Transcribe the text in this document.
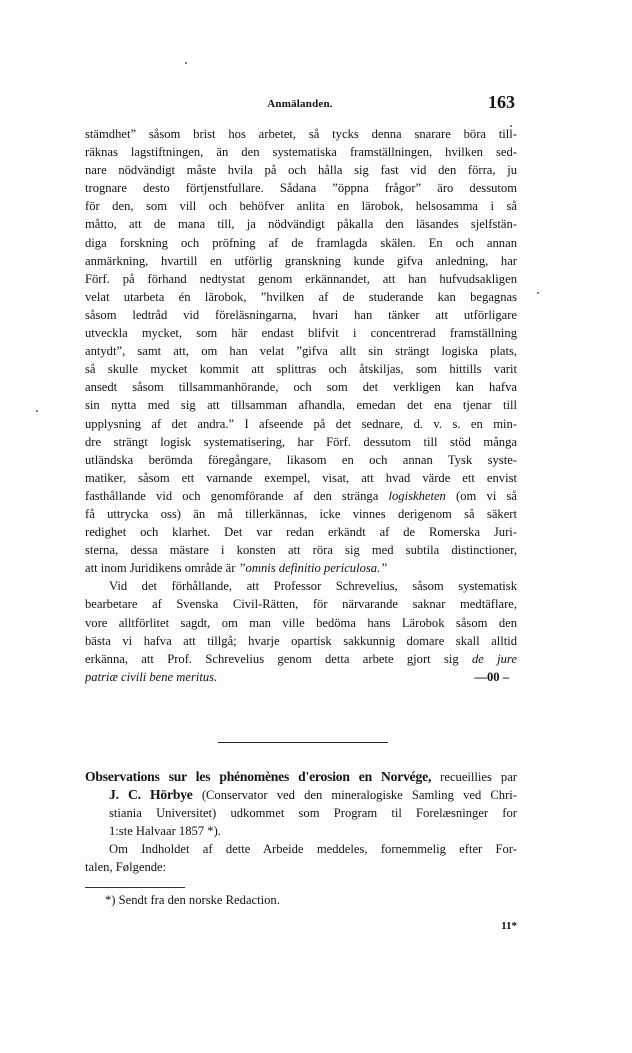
Anmälanden.	163
stämdhet” såsom brist hos arbetet, så tycks denna snarare böra till-
räknas lagstiftningen, än den systematiska framställningen, hvilken sed-
nare nödvändigt måste hvila på och hålla sig fast vid den förra, ju
trognare desto förtjenstfullare. Sådana ”öppna frågor” äro dessutom
för den, som vill och behöfver anlita en lärobok, helsosamma i så
måtto, att de mana till, ja nödvändigt påkalla den läsandes sjelfstän-
diga forskning och pröfning af de framlagda skälen. En och annan
anmärkning, hvartill en utförlig granskning kunde gifva anledning, har
Förf. på förhand nedtystat genom erkännandet, att han hufvudsakligen
velat utarbeta én lärobok, ”hvilken af de studerande kan begagnas
såsom ledtråd vid föreläsningarna, hvari han tänker att utförligare
utveckla mycket, som här endast blifvit i concentrerad framställning
antydt”, samt att, om han velat ”gifva allt sin strängt logiska plats,
så skulle mycket kommit att splittras och åtskiljas, som hittills varit
ansedt såsom tillsammanhörande, och som det verkligen kan hafva
sin nytta med sig att tillsamman afhandla, emedan det ena tjenar till
upplysning af det andra.” I afseende på det sednare, d. v. s. en min-
dre strängt logisk systematisering, har Förf. dessutom till stöd många
utländska berömda föregångare, likasom en och annan Tysk syste-
matiker, såsom ett varnande exempel, visat, att hvad värde ett envist
fasthållande vid och genomförande af den stränga logiskheten (om vi så
få uttrycka oss) än må tillerkännas, icke vinnes derigenom så säkert
redighet och klarhet. Det var redan erkändt af de Romerska Juri-
sterna, dessa mästare i konsten att röra sig med subtila distinctioner,
att inom Juridikens område är ”omnis definitio periculosa.”
Vid det förhållande, att Professor Schrevelius, såsom systematisk
bearbetare af Svenska Civil-Rätten, för närvarande saknar medtäflare,
vore alltförlitet sagdt, om man ville bedöma hans Lärobok såsom den
bästa vi hafva att tillgå; hvarje opartisk sakkunnig domare skall alltid
erkänna, att Prof. Schrevelius genom detta arbete gjort sig de jure
patriæ civili bene meritus.	—00 –
Observations sur les phénomènes d'erosion en Norvége, recueillies par
J. C. Hörbye (Conservator ved den mineralogiske Samling ved Chri-
stiania Universitet) udkommet som Program til Forelæsninger for
1:ste Halvaar 1857 *).
Om Indholdet af dette Arbeide meddeles, fornemmelig efter For-
talen, Følgende:
*) Sendt fra den norske Redaction.
11*
